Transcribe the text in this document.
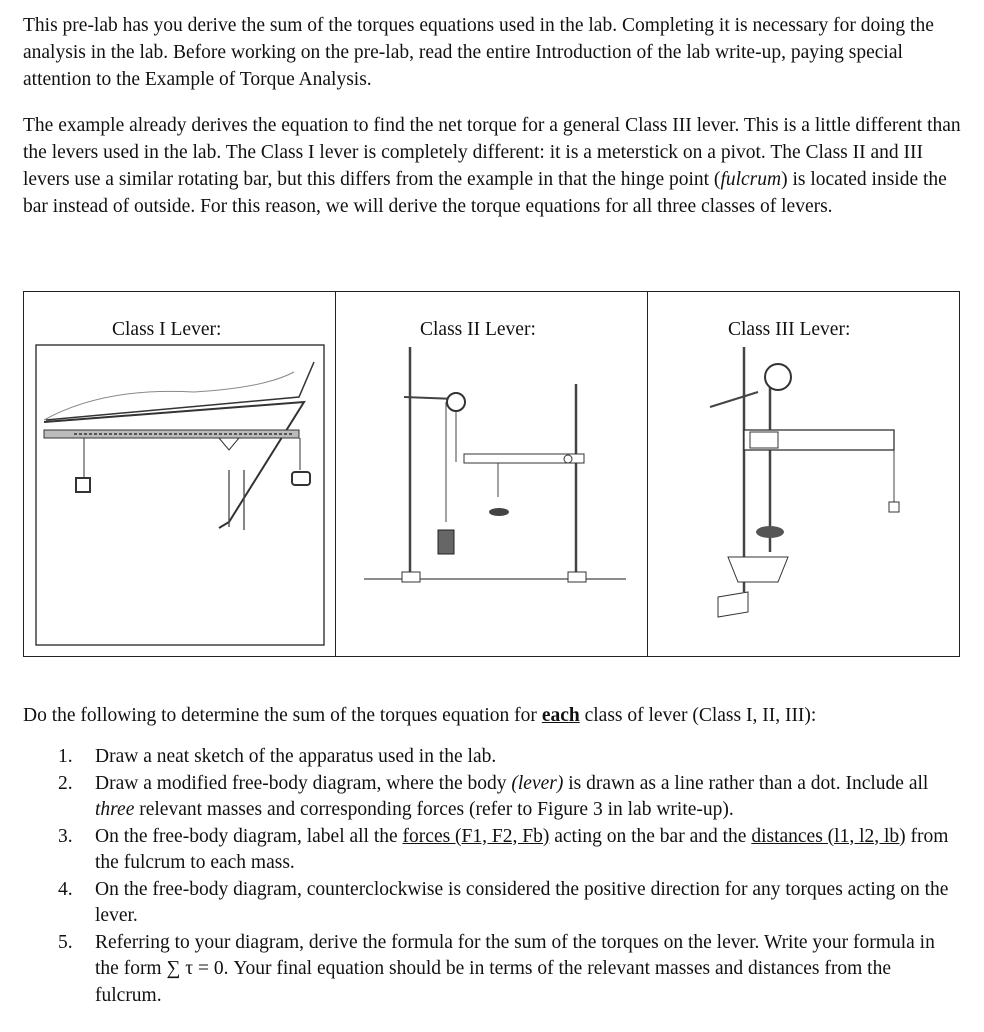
This pre-lab has you derive the sum of the torques equations used in the lab. Completing it is necessary for doing the analysis in the lab. Before working on the pre-lab, read the entire Introduction of the lab write-up, paying special attention to the Example of Torque Analysis.

The example already derives the equation to find the net torque for a general Class III lever. This is a little different than the levers used in the lab. The Class I lever is completely different: it is a meterstick on a pivot. The Class II and III levers use a similar rotating bar, but this differs from the example in that the hinge point (fulcrum) is located inside the bar instead of outside. For this reason, we will derive the torque equations for all three classes of levers.

Class I Lever:	Class II Lever:	Class III Lever:

Do the following to determine the sum of the torques equation for each class of lever (Class I, II, III):

1. Draw a neat sketch of the apparatus used in the lab.
2. Draw a modified free-body diagram, where the body (lever) is drawn as a line rather than a dot. Include all three relevant masses and corresponding forces (refer to Figure 3 in lab write-up).
3. On the free-body diagram, label all the forces (F1, F2, Fb) acting on the bar and the distances (l1, l2, lb) from the fulcrum to each mass.
4. On the free-body diagram, counterclockwise is considered the positive direction for any torques acting on the lever.
5. Referring to your diagram, derive the formula for the sum of the torques on the lever. Write your formula in the form ∑ τ = 0. Your final equation should be in terms of the relevant masses and distances from the fulcrum.
